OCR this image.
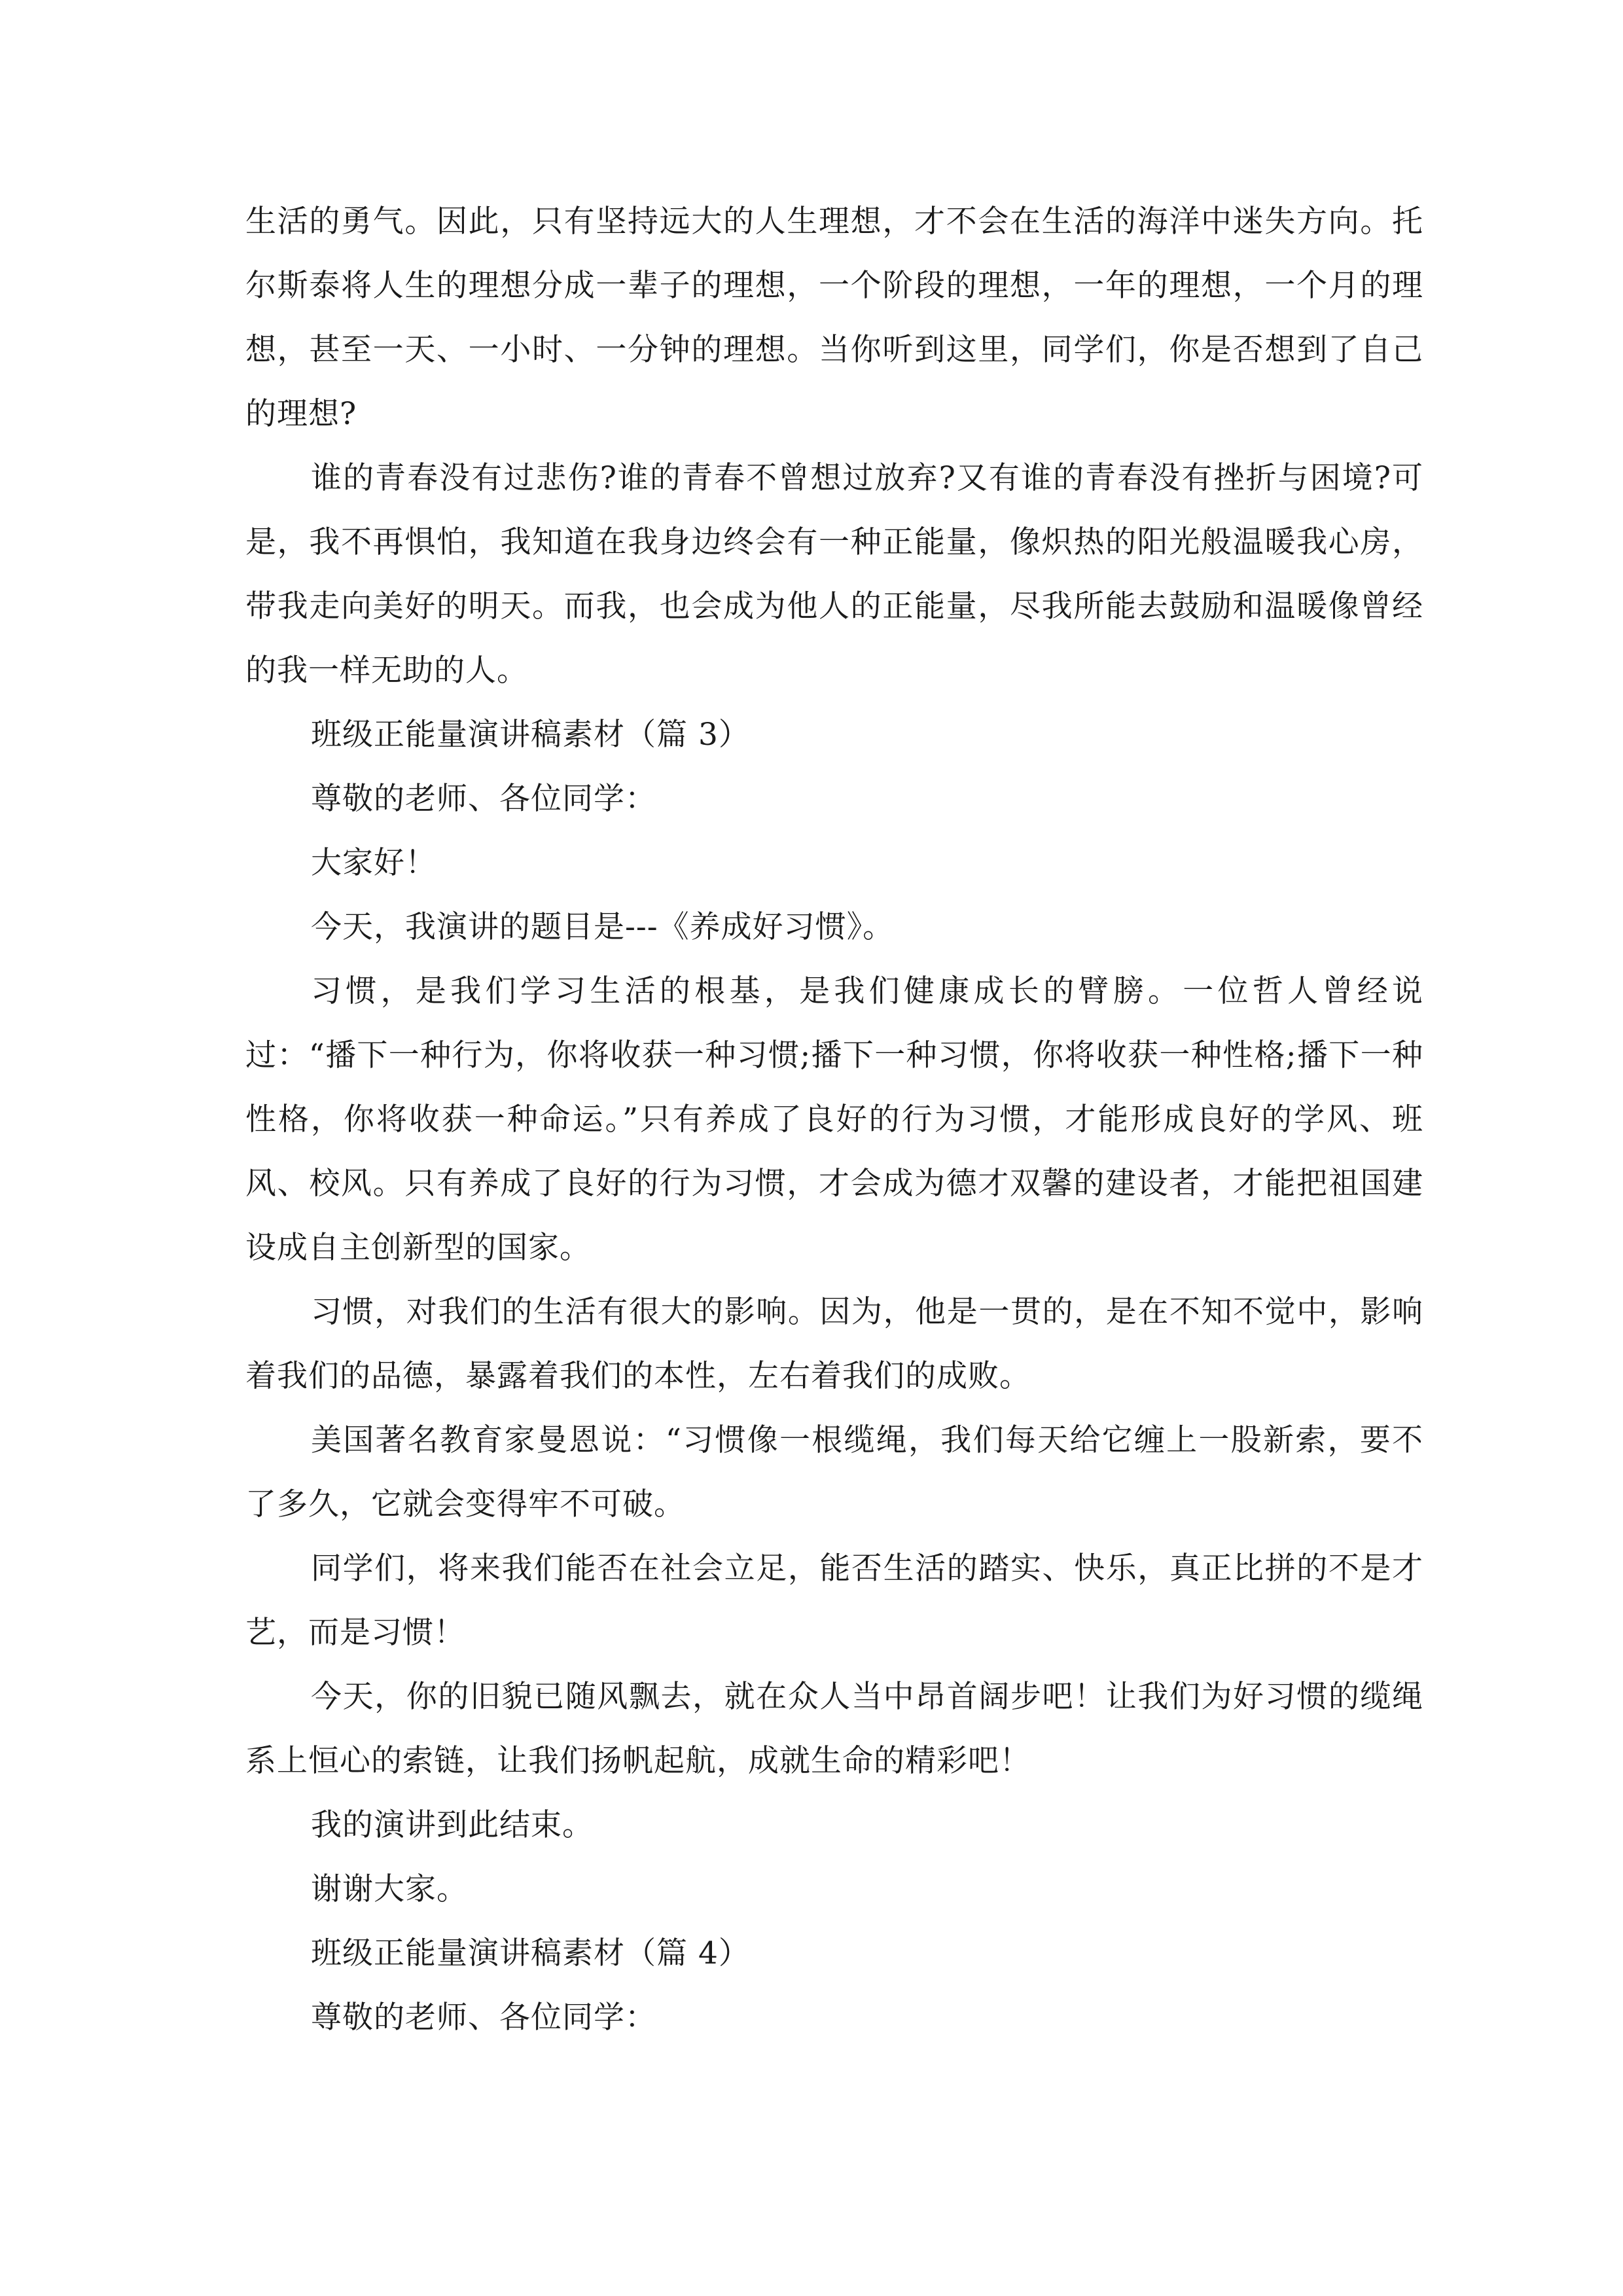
生活的勇气。因此，只有坚持远大的人生理想，才不会在生活的海洋中迷失方向。托尔斯泰将人生的理想分成一辈子的理想，一个阶段的理想，一年的理想，一个月的理想，甚至一天、一小时、一分钟的理想。当你听到这里，同学们，你是否想到了自己的理想?

谁的青春没有过悲伤?谁的青春不曾想过放弃?又有谁的青春没有挫折与困境?可是，我不再惧怕，我知道在我身边终会有一种正能量，像炽热的阳光般温暖我心房，带我走向美好的明天。而我，也会成为他人的正能量，尽我所能去鼓励和温暖像曾经的我一样无助的人。

班级正能量演讲稿素材（篇 3）

尊敬的老师、各位同学：

大家好！

今天，我演讲的题目是---《养成好习惯》。

习惯，是我们学习生活的根基，是我们健康成长的臂膀。一位哲人曾经说过：“播下一种行为，你将收获一种习惯;播下一种习惯，你将收获一种性格;播下一种性格，你将收获一种命运。”只有养成了良好的行为习惯，才能形成良好的学风、班风、校风。只有养成了良好的行为习惯，才会成为德才双馨的建设者，才能把祖国建设成自主创新型的国家。

习惯，对我们的生活有很大的影响。因为，他是一贯的，是在不知不觉中，影响着我们的品德，暴露着我们的本性，左右着我们的成败。

美国著名教育家曼恩说：“习惯像一根缆绳，我们每天给它缠上一股新索，要不了多久，它就会变得牢不可破。

同学们，将来我们能否在社会立足，能否生活的踏实、快乐，真正比拼的不是才艺，而是习惯！

今天，你的旧貌已随风飘去，就在众人当中昂首阔步吧！让我们为好习惯的缆绳系上恒心的索链，让我们扬帆起航，成就生命的精彩吧！

我的演讲到此结束。

谢谢大家。

班级正能量演讲稿素材（篇 4）

尊敬的老师、各位同学：
